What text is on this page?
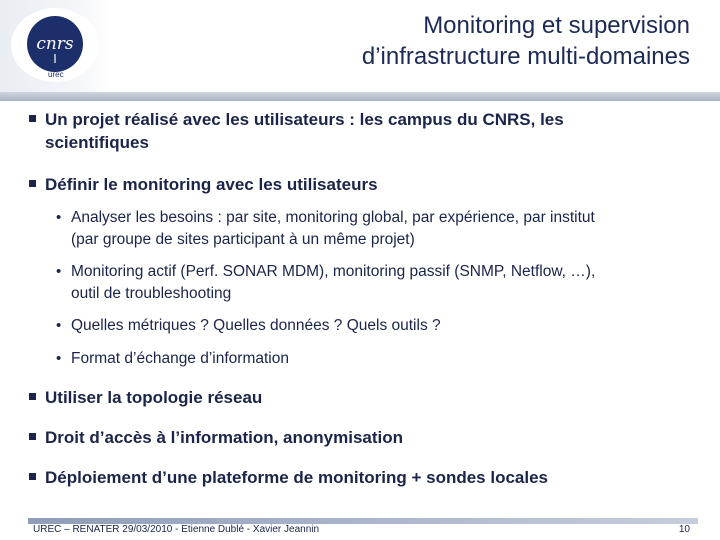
cnrs
urec
Monitoring et supervision
d’infrastructure multi-domaines
Un projet réalisé avec les utilisateurs : les campus du CNRS, les
scientifiques
Définir le monitoring avec les utilisateurs
• Analyser les besoins : par site, monitoring global, par expérience, par institut
(par groupe de sites participant à un même projet)
• Monitoring actif (Perf. SONAR MDM), monitoring passif (SNMP, Netflow, …),
outil de troubleshooting
• Quelles métriques ? Quelles données ? Quels outils ?
• Format d’échange d’information
Utiliser la topologie réseau
Droit d’accès à l’information, anonymisation
Déploiement d’une plateforme de monitoring + sondes locales
UREC – RENATER 29/03/2010 - Etienne Dublé - Xavier Jeannin	10
